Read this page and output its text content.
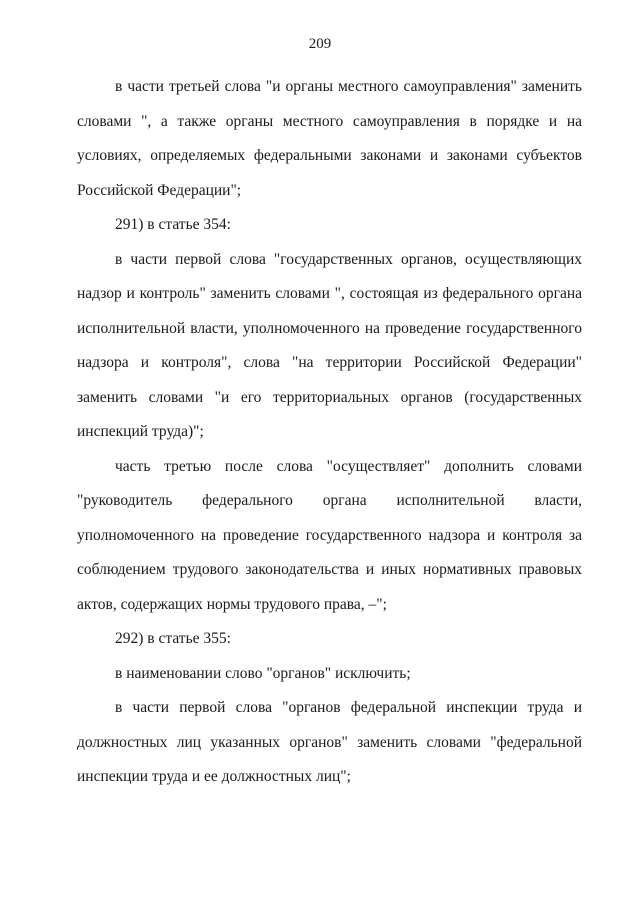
209

в части третьей слова "и органы местного самоуправления" заменить словами ", а также органы местного самоуправления в порядке и на условиях, определяемых федеральными законами и законами субъектов Российской Федерации";

291) в статье 354:

в части первой слова "государственных органов, осуществляющих надзор и контроль" заменить словами ", состоящая из федерального органа исполнительной власти, уполномоченного на проведение государственного надзора и контроля", слова "на территории Российской Федерации" заменить словами "и его территориальных органов (государственных инспекций труда)";

часть третью после слова "осуществляет" дополнить словами "руководитель федерального органа исполнительной власти, уполномоченного на проведение государственного надзора и контроля за соблюдением трудового законодательства и иных нормативных правовых актов, содержащих нормы трудового права, –";

292) в статье 355:

в наименовании слово "органов" исключить;

в части первой слова "органов федеральной инспекции труда и должностных лиц указанных органов" заменить словами "федеральной инспекции труда и ее должностных лиц";
